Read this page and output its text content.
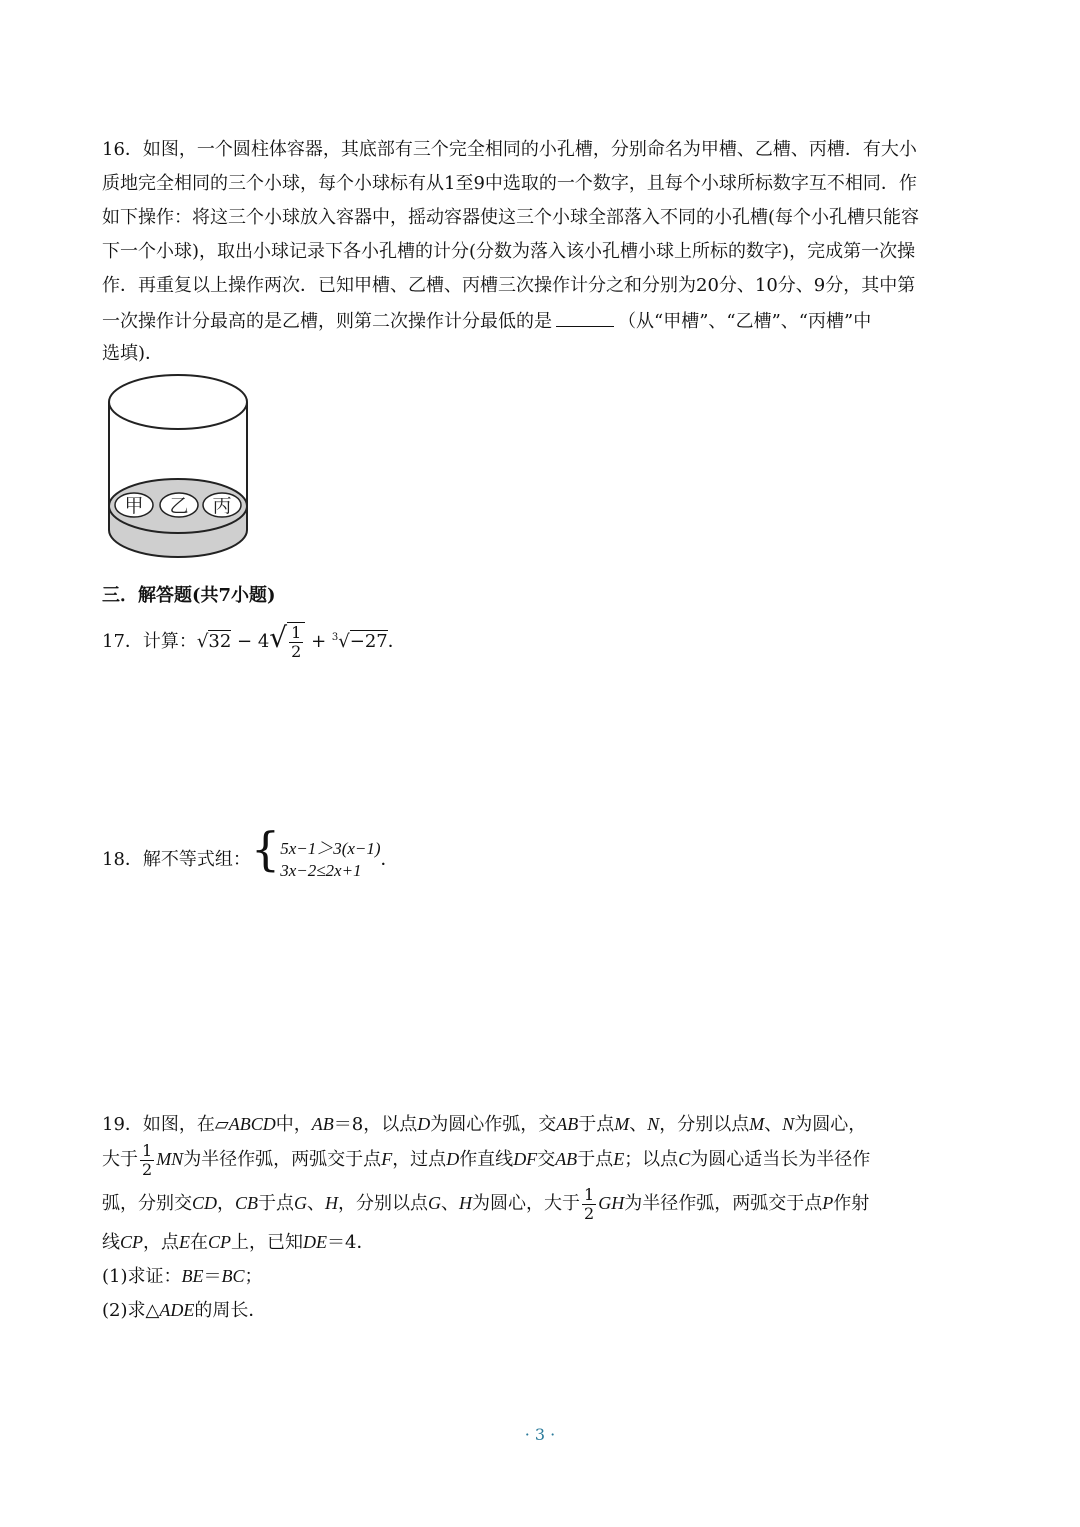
16．如图，一个圆柱体容器，其底部有三个完全相同的小孔槽，分别命名为甲槽、乙槽、丙槽．有大小
质地完全相同的三个小球，每个小球标有从1至9中选取的一个数字，且每个小球所标数字互不相同．作
如下操作：将这三个小球放入容器中，摇动容器使这三个小球全部落入不同的小孔槽(每个小孔槽只能容
下一个小球)，取出小球记录下各小孔槽的计分(分数为落入该小孔槽小球上所标的数字)，完成第一次操
作．再重复以上操作两次．已知甲槽、乙槽、丙槽三次操作计分之和分别为20分、10分、9分，其中第
一次操作计分最高的是乙槽，则第二次操作计分最低的是	（从“甲槽”、“乙槽”、“丙槽”中
选填)．
甲 乙 丙
三．解答题(共7小题)
17．计算：$√32 - 4√ \frac{1}{2} + ^3√-27$．
18．解不等式组：{ 5x−1＞3(x−1)
3x−2≤2x+1
．
19．如图，在▱ABCD中，AB＝8，以点D为圆心作弧，交AB于点M、N，分别以点M、N为圆心，
大于 $\frac{1}{2}$ MN为半径作弧，两弧交于点F，过点D作直线DF交AB于点E；以点C为圆心适当长为半径作
弧，分别交CD，CB于点G、H，分别以点G、H为圆心，大于 $\frac{1}{2}$ GH为半径作弧，两弧交于点P作射
线CP，点E在CP上，已知DE＝4．
(1)求证：BE＝BC；
(2)求△ADE的周长．
· 3 ·
